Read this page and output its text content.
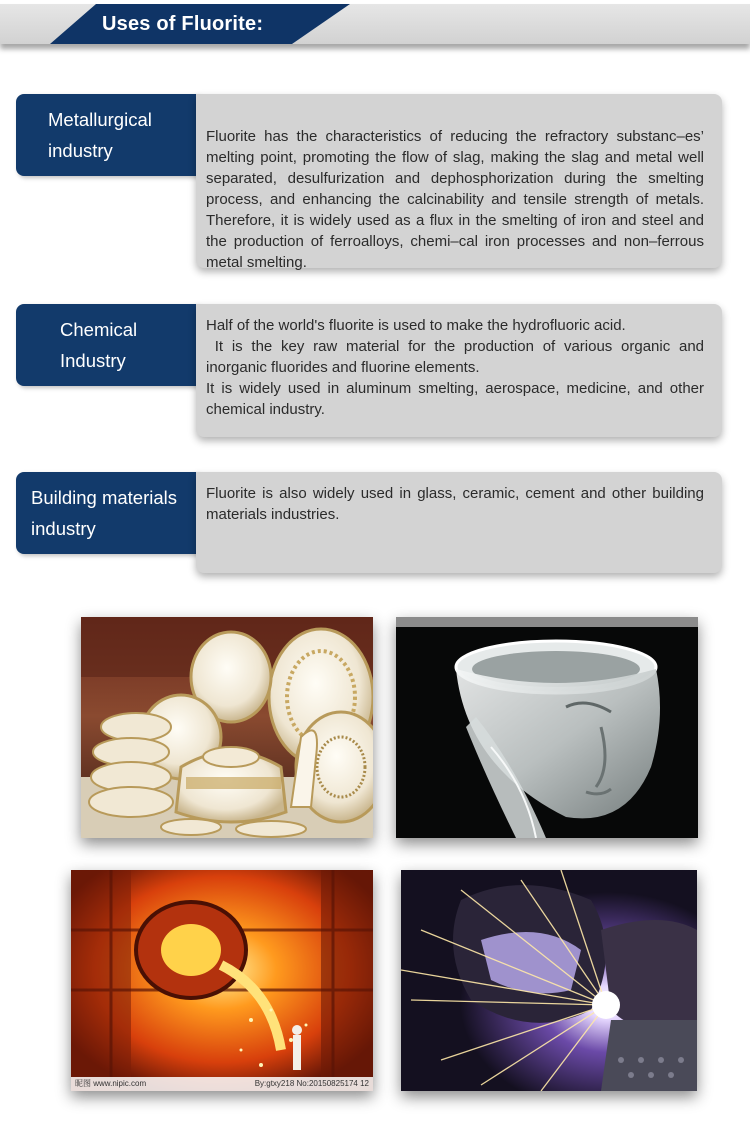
Uses of Fluorite:
Metallurgical
industry

Fluorite has the characteristics of reducing the refractory substanc–es’ melting point, promoting the flow of slag, making the slag and metal well separated, desulfurization and dephosphorization during the smelting process, and enhancing the calcinability and tensile strength of metals. Therefore, it is widely used as a flux in the smelting of iron and steel and the production of ferroalloys, chemi–cal iron processes and non–ferrous metal smelting.

Chemical
Industry

Half of the world's fluorite is used to make the hydrofluoric acid.

It is the key raw material for the production of various organic and inorganic fluorides and fluorine elements.

It is widely used in aluminum smelting, aerospace, medicine, and other chemical industry.

Building materials
industry

Fluorite is also widely used in glass, ceramic, cement and other building materials industries.

昵图 www.nipic.com	By:gtxy218 No:20150825174 12
